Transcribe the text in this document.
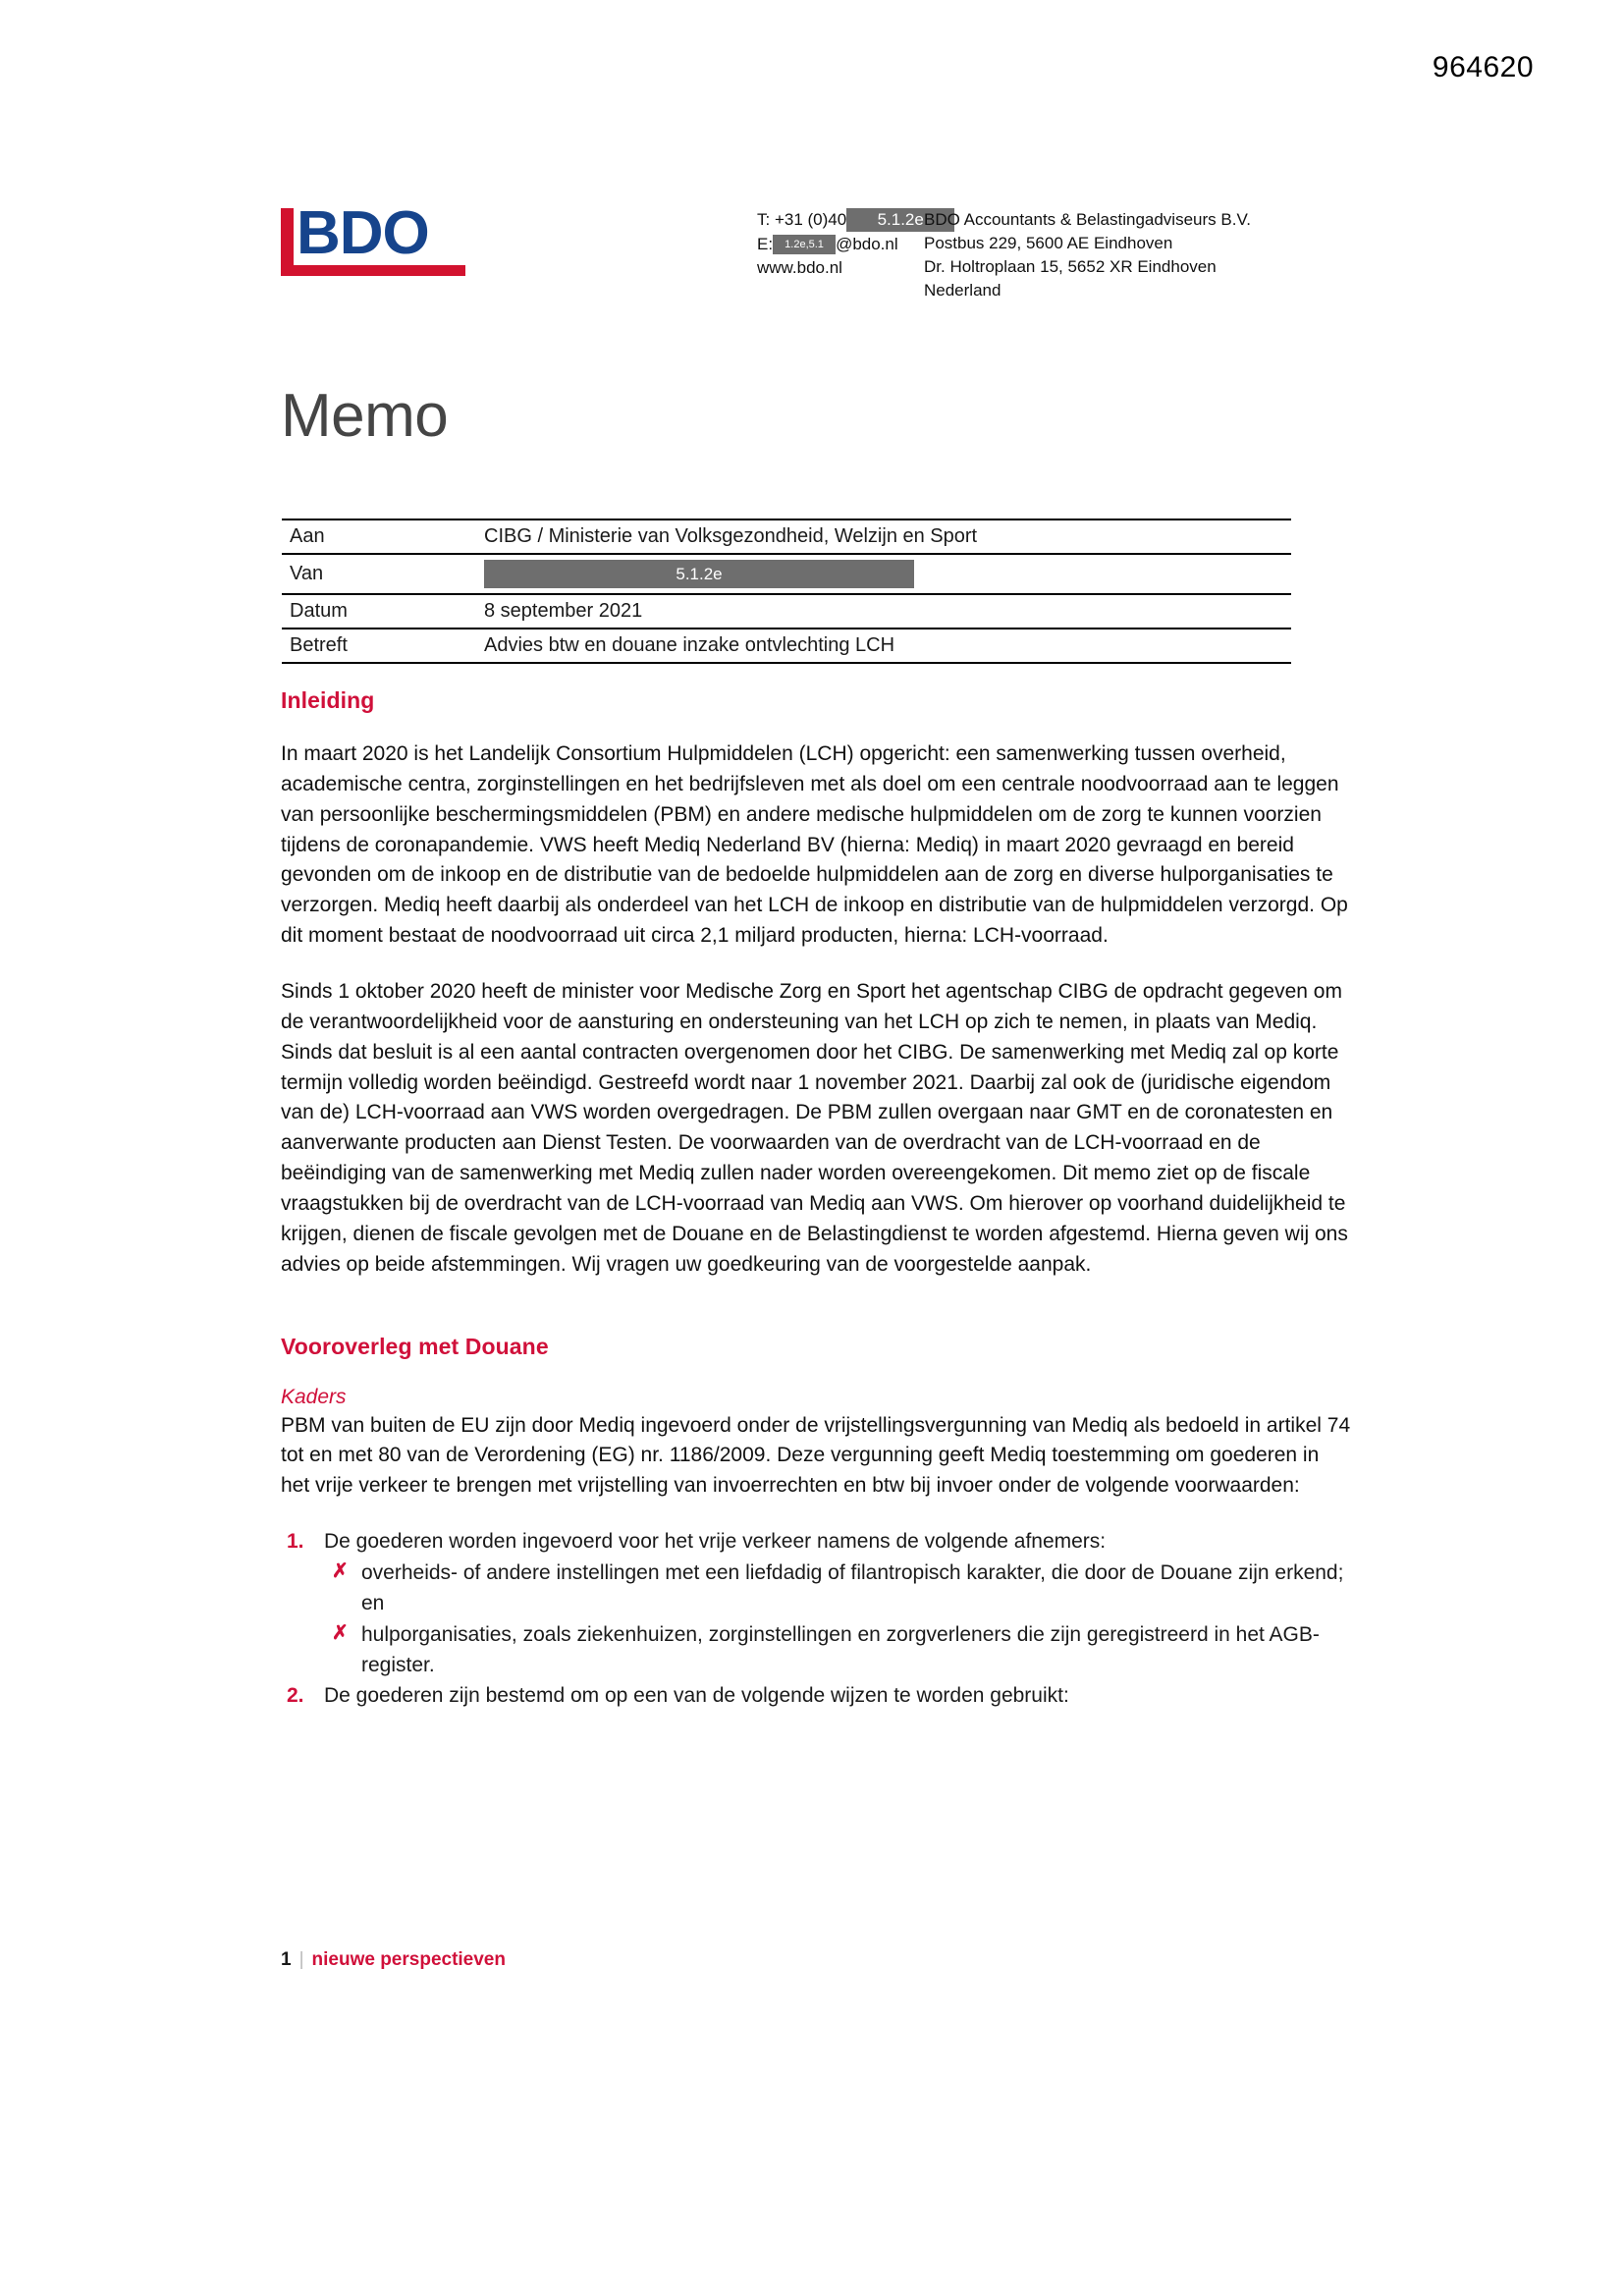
964620
BDO	T: +31 (0)40 5.1.2e
E: 1.2e,5.1 @bdo.nl
www.bdo.nl
BDO Accountants & Belastingadviseurs B.V.
Postbus 229, 5600 AE Eindhoven
Dr. Holtroplaan 15, 5652 XR Eindhoven
Nederland
Memo
Aan	CIBG / Ministerie van Volksgezondheid, Welzijn en Sport
Van	5.1.2e
Datum	8 september 2021
Betreft	Advies btw en douane inzake ontvlechting LCH
Inleiding

In maart 2020 is het Landelijk Consortium Hulpmiddelen (LCH) opgericht: een samenwerking tussen overheid, academische centra, zorginstellingen en het bedrijfsleven met als doel om een centrale noodvoorraad aan te leggen van persoonlijke beschermingsmiddelen (PBM) en andere medische hulpmiddelen om de zorg te kunnen voorzien tijdens de coronapandemie. VWS heeft Mediq Nederland BV (hierna: Mediq) in maart 2020 gevraagd en bereid gevonden om de inkoop en de distributie van de bedoelde hulpmiddelen aan de zorg en diverse hulporganisaties te verzorgen. Mediq heeft daarbij als onderdeel van het LCH de inkoop en distributie van de hulpmiddelen verzorgd. Op dit moment bestaat de noodvoorraad uit circa 2,1 miljard producten, hierna: LCH-voorraad.

Sinds 1 oktober 2020 heeft de minister voor Medische Zorg en Sport het agentschap CIBG de opdracht gegeven om de verantwoordelijkheid voor de aansturing en ondersteuning van het LCH op zich te nemen, in plaats van Mediq. Sinds dat besluit is al een aantal contracten overgenomen door het CIBG. De samenwerking met Mediq zal op korte termijn volledig worden beëindigd. Gestreefd wordt naar 1 november 2021. Daarbij zal ook de (juridische eigendom van de) LCH-voorraad aan VWS worden overgedragen. De PBM zullen overgaan naar GMT en de coronatesten en aanverwante producten aan Dienst Testen. De voorwaarden van de overdracht van de LCH-voorraad en de beëindiging van de samenwerking met Mediq zullen nader worden overeengekomen. Dit memo ziet op de fiscale vraagstukken bij de overdracht van de LCH-voorraad van Mediq aan VWS. Om hierover op voorhand duidelijkheid te krijgen, dienen de fiscale gevolgen met de Douane en de Belastingdienst te worden afgestemd. Hierna geven wij ons advies op beide afstemmingen. Wij vragen uw goedkeuring van de voorgestelde aanpak.

Vooroverleg met Douane
Kaders

PBM van buiten de EU zijn door Mediq ingevoerd onder de vrijstellingsvergunning van Mediq als bedoeld in artikel 74 tot en met 80 van de Verordening (EG) nr. 1186/2009. Deze vergunning geeft Mediq toestemming om goederen in het vrije verkeer te brengen met vrijstelling van invoerrechten en btw bij invoer onder de volgende voorwaarden:

1. De goederen worden ingevoerd voor het vrije verkeer namens de volgende afnemers:
✗ overheids- of andere instellingen met een liefdadig of filantropisch karakter, die door de Douane zijn erkend; en
✗ hulporganisaties, zoals ziekenhuizen, zorginstellingen en zorgverleners die zijn geregistreerd in het AGB-register.
2. De goederen zijn bestemd om op een van de volgende wijzen te worden gebruikt:
1 | nieuwe perspectieven
